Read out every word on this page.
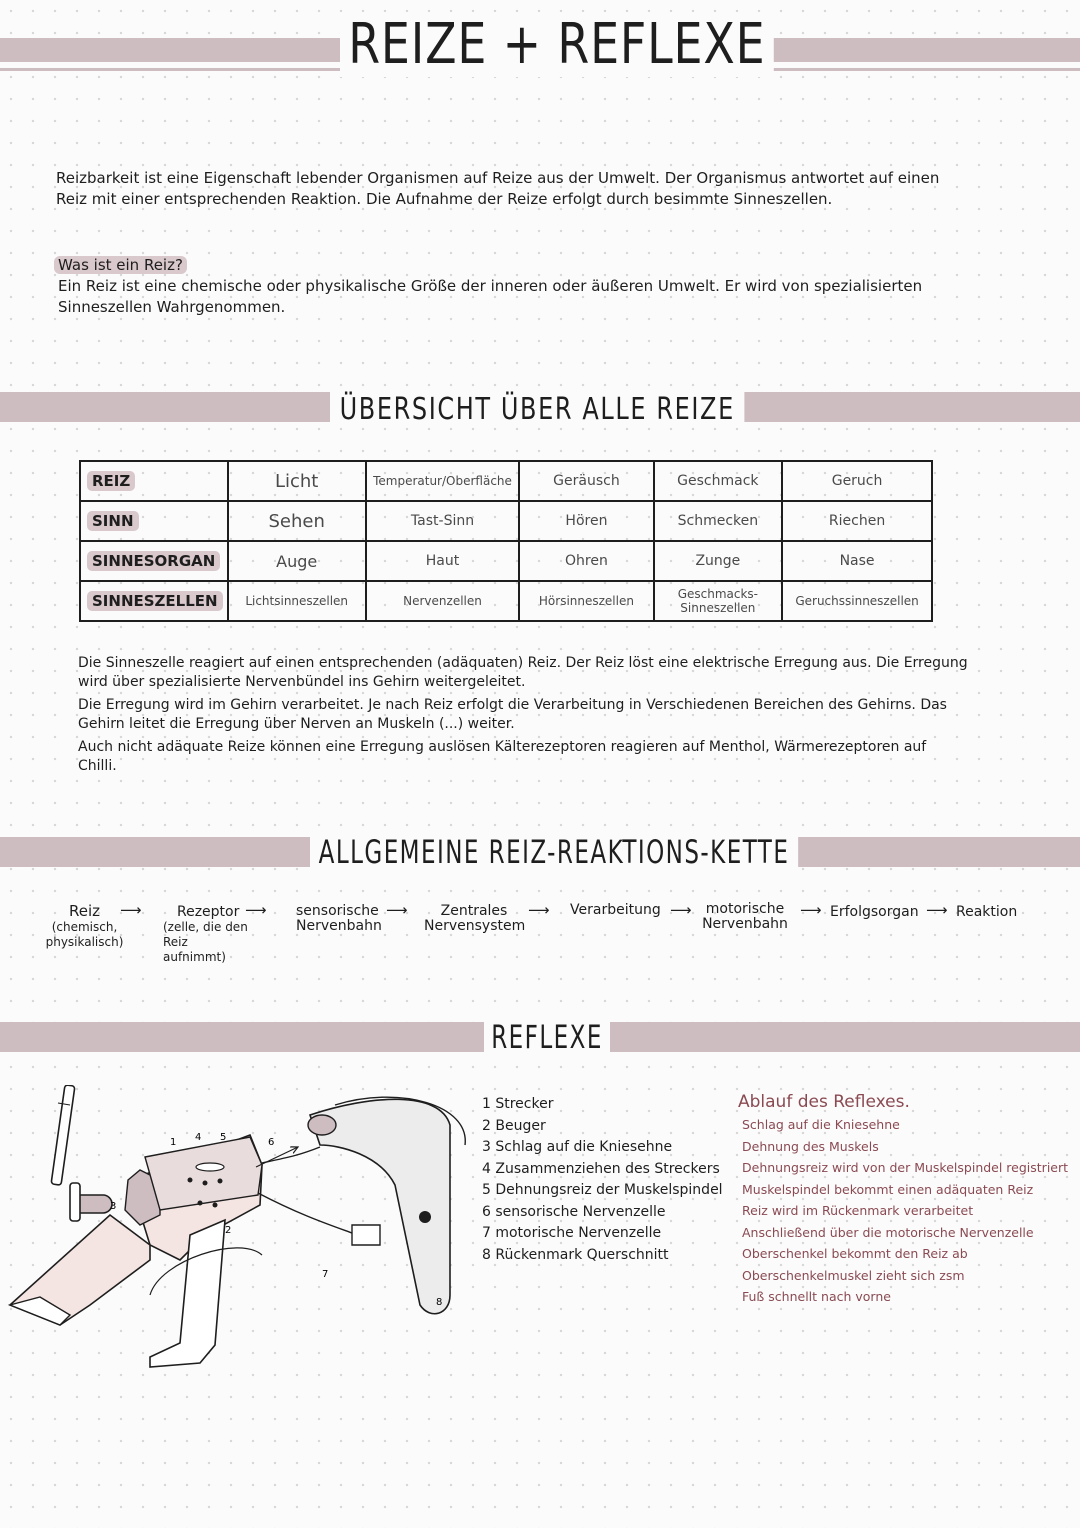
REIZE + REFLEXE
Reizbarkeit ist eine Eigenschaft lebender Organismen auf Reize aus der Umwelt. Der Organismus antwortet auf einen Reiz mit einer entsprechenden Reaktion. Die Aufnahme der Reize erfolgt durch besimmte Sinneszellen.
Was ist ein Reiz?
Ein Reiz ist eine chemische oder physikalische Größe der inneren oder äußeren Umwelt. Er wird von spezialisierten Sinneszellen Wahrgenommen.
ÜBERSICHT ÜBER ALLE REIZE
REIZ	Licht	Temperatur/Oberfläche	Geräusch	Geschmack	Geruch
SINN	Sehen	Tast-Sinn	Hören	Schmecken	Riechen
SINNESORGAN	Auge	Haut	Ohren	Zunge	Nase
SINNESZELLEN	Lichtsinneszellen	Nervenzellen	Hörsinneszellen	Geschmacks-Sinneszellen	Geruchssinneszellen
Die Sinneszelle reagiert auf einen entsprechenden (adäquaten) Reiz. Der Reiz löst eine elektrische Erregung aus. Die Erregung wird über spezialisierte Nervenbündel ins Gehirn weitergeleitet.
Die Erregung wird im Gehirn verarbeitet. Je nach Reiz erfolgt die Verarbeitung in Verschiedenen Bereichen des Gehirns. Das Gehirn leitet die Erregung über Nerven an Muskeln (...) weiter.
Auch nicht adäquate Reize können eine Erregung auslösen Kälterezeptoren reagieren auf Menthol, Wärmerezeptoren auf Chilli.
ALLGEMEINE REIZ-REAKTIONS-KETTE
Reiz
(chemisch, physikalisch)
Rezeptor
(zelle, die den Reiz aufnimmt)
sensorische Nervenbahn
Zentrales Nervensystem
Verarbeitung	motorische Nervenbahn
Erfolgsorgan	Reaktion
⟶	⟶	⟶	⟶	⟶	⟶	⟶
REFLEXE
1
2
3
4 5	6
7
8
1 Strecker
2 Beuger
3 Schlag auf die Kniesehne
4 Zusammenziehen des Streckers
5 Dehnungsreiz der Muskelspindel
6 sensorische Nervenzelle
7 motorische Nervenzelle
8 Rückenmark Querschnitt
Ablauf des Reflexes.
Schlag auf die Kniesehne
Dehnung des Muskels
Dehnungsreiz wird von der Muskelspindel registriert
Muskelspindel bekommt einen adäquaten Reiz
Reiz wird im Rückenmark verarbeitet
Anschließend über die motorische Nervenzelle
Oberschenkel bekommt den Reiz ab
Oberschenkelmuskel zieht sich zsm
Fuß schnellt nach vorne
